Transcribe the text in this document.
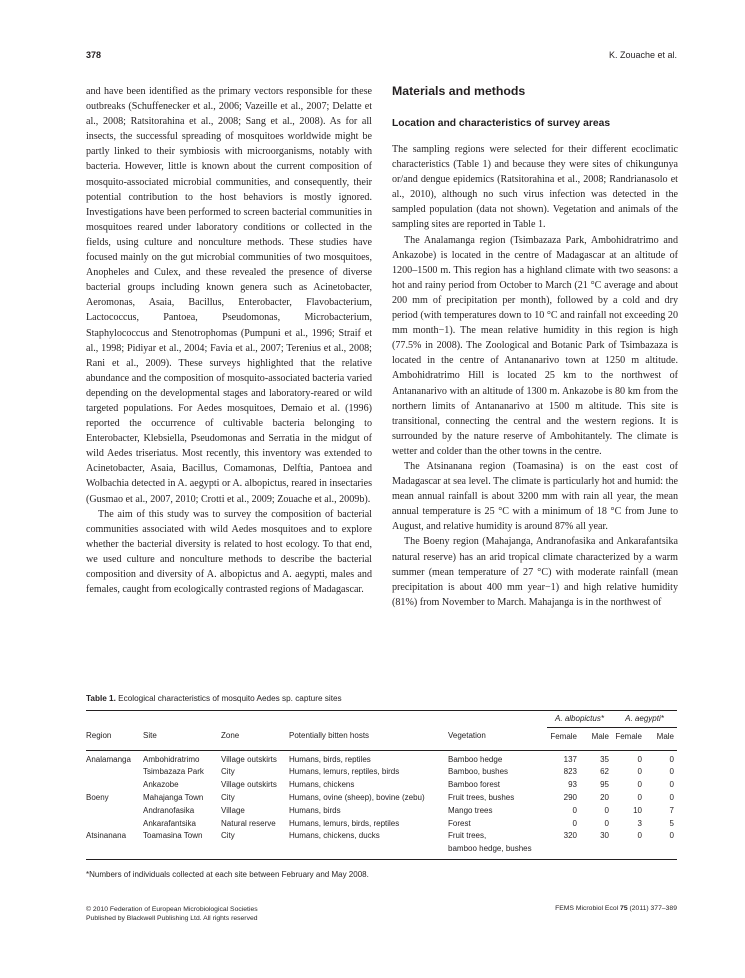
378	K. Zouache et al.

and have been identified as the primary vectors responsible for these outbreaks (Schuffenecker et al., 2006; Vazeille et al., 2007; Delatte et al., 2008; Ratsitorahina et al., 2008; Sang et al., 2008). As for all insects, the successful spreading of mosquitoes worldwide might be partly linked to their symbiosis with microorganisms, notably with bacteria. However, little is known about the current composition of mosquito-associated microbial communities, and consequently, their potential contribution to the host behaviors is mostly ignored. Investigations have been performed to screen bacterial communities in mosquitoes reared under laboratory conditions or collected in the fields, using culture and nonculture methods. These studies have focused mainly on the gut microbial communities of two mosquitoes, Anopheles and Culex, and these revealed the presence of diverse bacterial groups including known genera such as Acinetobacter, Aeromonas, Asaia, Bacillus, Enterobacter, Flavobacterium, Lactococcus, Pantoea, Pseudomonas, Microbacterium, Staphylococcus and Stenotrophomas (Pumpuni et al., 1996; Straif et al., 1998; Pidiyar et al., 2004; Favia et al., 2007; Terenius et al., 2008; Rani et al., 2009). These surveys highlighted that the relative abundance and the composition of mosquito-associated bacteria varied depending on the developmental stages and laboratory-reared or wild targeted populations. For Aedes mosquitoes, Demaio et al. (1996) reported the occurrence of cultivable bacteria belonging to Enterobacter, Klebsiella, Pseudomonas and Serratia in the midgut of wild Aedes triseriatus. Most recently, this inventory was extended to Acinetobacter, Asaia, Bacillus, Comamonas, Delftia, Pantoea and Wolbachia detected in A. aegypti or A. albopictus, reared in insectaries (Gusmao et al., 2007, 2010; Crotti et al., 2009; Zouache et al., 2009b).

The aim of this study was to survey the composition of bacterial communities associated with wild Aedes mosquitoes and to explore whether the bacterial diversity is related to host ecology. To that end, we used culture and nonculture methods to describe the bacterial composition and diversity of A. albopictus and A. aegypti, males and females, caught from ecologically contrasted regions of Madagascar.

Materials and methods
Location and characteristics of survey areas

The sampling regions were selected for their different ecoclimatic characteristics (Table 1) and because they were sites of chikungunya or/and dengue epidemics (Ratsitorahina et al., 2008; Randrianasolo et al., 2010), although no such virus infection was detected in the sampled population (data not shown). Vegetation and animals of the sampling sites are reported in Table 1.

The Analamanga region (Tsimbazaza Park, Ambohidratrimo and Ankazobe) is located in the centre of Madagascar at an altitude of 1200–1500 m. This region has a highland climate with two seasons: a hot and rainy period from October to March (21 °C average and about 200 mm of precipitation per month), followed by a cold and dry period (with temperatures down to 10 °C and rainfall not exceeding 20 mm month−1). The mean relative humidity in this region is high (77.5% in 2008). The Zoological and Botanic Park of Tsimbazaza is located in the centre of Antananarivo town at 1250 m altitude. Ambohidratrimo Hill is located 25 km to the northwest of Antananarivo with an altitude of 1300 m. Ankazobe is 80 km from the northern limits of Antananarivo at 1500 m altitude. This site is transitional, connecting the central and the western regions. It is surrounded by the nature reserve of Ambohitantely. The climate is wetter and colder than the other towns in the centre.

The Atsinanana region (Toamasina) is on the east cost of Madagascar at sea level. The climate is particularly hot and humid: the mean annual rainfall is about 3200 mm with rain all year, the mean annual temperature is 25 °C with a minimum of 18 °C from June to August, and relative humidity is around 87% all year.

The Boeny region (Mahajanga, Andranofasika and Ankarafantsika natural reserve) has an arid tropical climate characterized by a warm summer (mean temperature of 27 °C) with moderate rainfall (mean precipitation is about 400 mm year−1) and high relative humidity (81%) from November to March. Mahajanga is in the northwest of

Table 1. Ecological characteristics of mosquito Aedes sp. capture sites
					A. albopictus*		A. aegypti*	
Region	Site	Zone	Potentially bitten hosts	Vegetation	Female	Male	Female	Male
Analamanga	Ambohidratrimo	Village outskirts	Humans, birds, reptiles	Bamboo hedge	137	35	0	0
	Tsimbazaza Park	City	Humans, lemurs, reptiles, birds	Bamboo, bushes	823	62	0	0
	Ankazobe	Village outskirts	Humans, chickens	Bamboo forest	93	95	0	0
Boeny	Mahajanga Town	City	Humans, ovine (sheep), bovine (zebu)	Fruit trees, bushes	290	20	0	0
	Andranofasika	Village	Humans, birds	Mango trees	0	0	10	7
	Ankarafantsika	Natural reserve	Humans, lemurs, birds, reptiles	Forest	0	0	3	5
Atsinanana	Toamasina Town	City	Humans, chickens, ducks	Fruit trees,	320	30	0	0
				bamboo hedge, bushes				
*Numbers of individuals collected at each site between February and May 2008.
© 2010 Federation of European Microbiological Societies
Published by Blackwell Publishing Ltd. All rights reserved
FEMS Microbiol Ecol 75 (2011) 377–389
